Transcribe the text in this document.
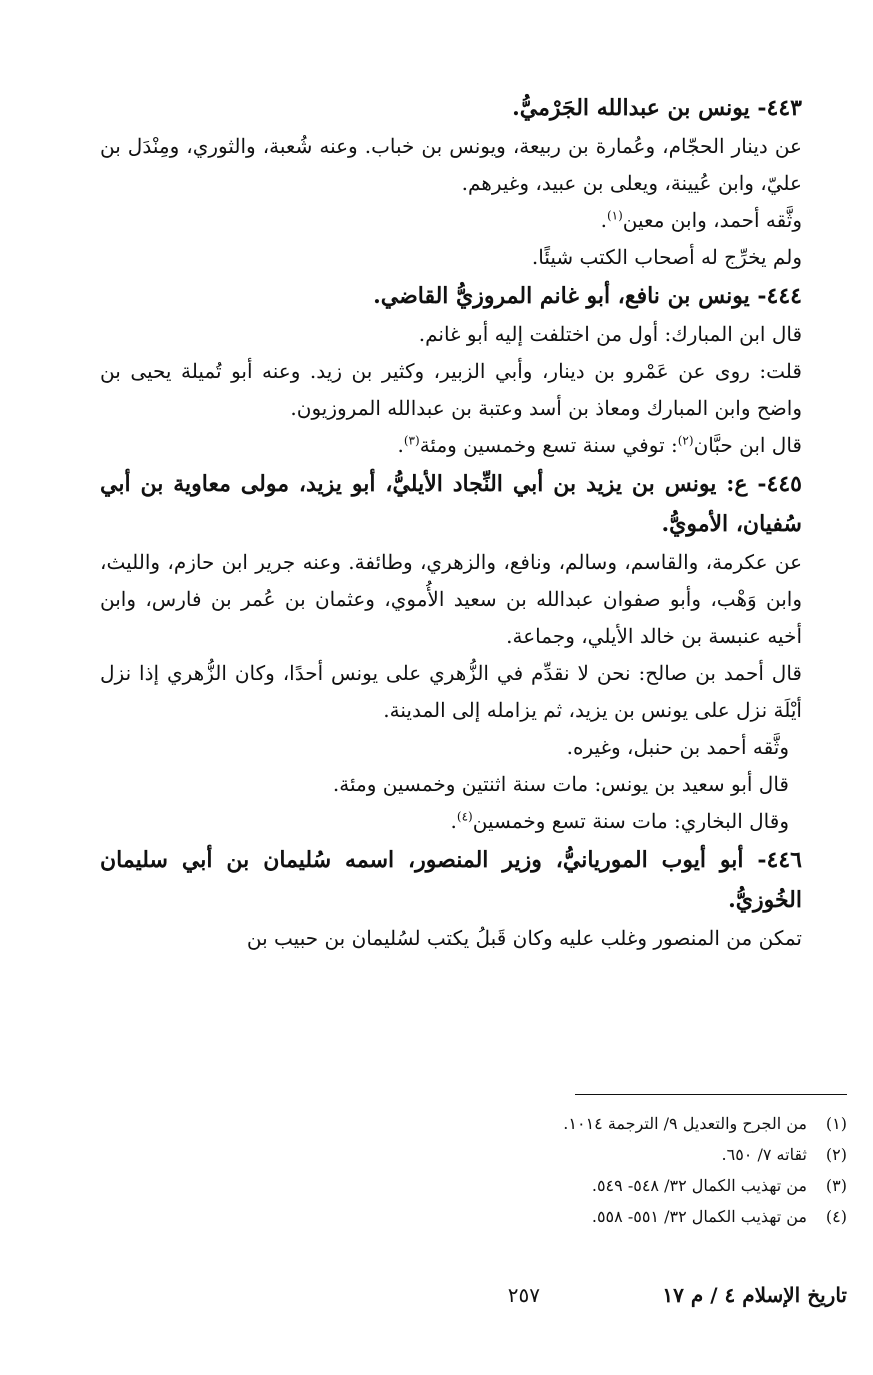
٤٤٣- يونس بن عبدالله الجَرْميُّ.

عن دينار الحجّام، وعُمارة بن ربيعة، ويونس بن خباب. وعنه شُعبة، والثوري، ومِنْدَل بن عليّ، وابن عُيينة، ويعلى بن عبيد، وغيرهم.

وثَّقه أحمد، وابن معين$^{(١)}$.

ولم يخرِّج له أصحاب الكتب شيئًا.

٤٤٤- يونس بن نافع، أبو غانم المروزيُّ القاضي.

قال ابن المبارك: أول من اختلفت إليه أبو غانم.

قلت: روى عن عَمْرو بن دينار، وأبي الزبير، وكثير بن زيد. وعنه أبو تُميلة يحيى بن واضح وابن المبارك ومعاذ بن أسد وعتبة بن عبدالله المروزيون.

قال ابن حبَّان$^{(٢)}$: توفي سنة تسع وخمسين ومئة$^{(٣)}$.

٤٤٥- ع: يونس بن يزيد بن أبي النِّجاد الأيليُّ، أبو يزيد، مولى معاوية بن أبي سُفيان، الأمويُّ.

عن عكرمة، والقاسم، وسالم، ونافع، والزهري، وطائفة. وعنه جرير ابن حازم، والليث، وابن وَهْب، وأبو صفوان عبدالله بن سعيد الأُموي، وعثمان بن عُمر بن فارس، وابن أخيه عنبسة بن خالد الأيلي، وجماعة.

قال أحمد بن صالح: نحن لا نقدِّم في الزُّهري على يونس أحدًا، وكان الزُّهري إذا نزل أيْلَة نزل على يونس بن يزيد، ثم يزامله إلى المدينة.

وثَّقه أحمد بن حنبل، وغيره.

قال أبو سعيد بن يونس: مات سنة اثنتين وخمسين ومئة.

وقال البخاري: مات سنة تسع وخمسين$^{(٤)}$.

٤٤٦- أبو أيوب الموريانيُّ، وزير المنصور، اسمه سُليمان بن أبي سليمان الخُوزيُّ.

تمكن من المنصور وغلب عليه وكان قَبلُ يكتب لسُليمان بن حبيب بن

(١)
من الجرح والتعديل ٩/ الترجمة ١٠١٤.
(٢)
ثقاته ٧/ ٦٥٠.
(٣)
من تهذيب الكمال ٣٢/ ٥٤٨- ٥٤٩.
(٤)
من تهذيب الكمال ٣٢/ ٥٥١- ٥٥٨.
تاريخ الإسلام ٤ / م ١٧
٢٥٧
